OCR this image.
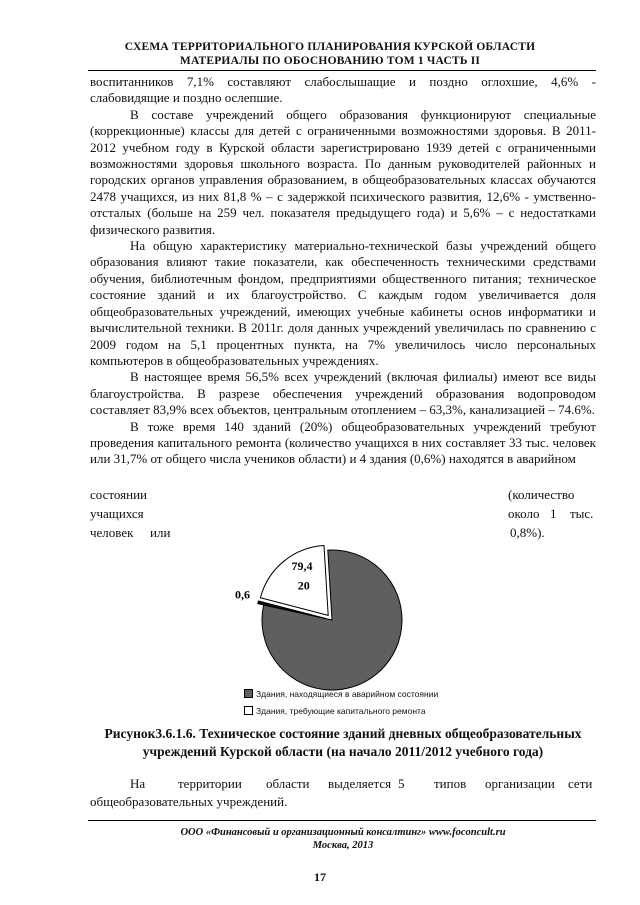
СХЕМА ТЕРРИТОРИАЛЬНОГО ПЛАНИРОВАНИЯ КУРСКОЙ ОБЛАСТИ
МАТЕРИАЛЫ ПО ОБОСНОВАНИЮ ТОМ 1 ЧАСТЬ II

воспитанников 7,1% составляют слабослышащие и поздно оглохшие, 4,6% - слабовидящие и поздно ослепшие.

В составе учреждений общего образования функционируют специальные (коррекционные) классы для детей с ограниченными возможностями здоровья. В 2011-2012 учебном году в Курской области зарегистрировано 1939 детей с ограниченными возможностями здоровья школьного возраста. По данным руководителей районных и городских органов управления образованием, в общеобразовательных классах обучаются 2478 учащихся, из них 81,8 % – с задержкой психического развития, 12,6% - умственно-отсталых (больше на 259 чел. показателя предыдущего года) и 5,6% – с недостатками физического развития.

На общую характеристику материально-технической базы учреждений общего образования влияют такие показатели, как обеспеченность техническими средствами обучения, библиотечным фондом, предприятиями общественного питания; техническое состояние зданий и их благоустройство. С каждым годом увеличивается доля общеобразовательных учреждений, имеющих учебные кабинеты основ информатики и вычислительной техники. В 2011г. доля данных учреждений увеличилась по сравнению с 2009 годом на 5,1 процентных пункта, на 7% увеличилось число персональных компьютеров в общеобразовательных учреждениях.

В настоящее время 56,5% всех учреждений (включая филиалы) имеют все виды благоустройства. В разрезе обеспечения учреждений образования водопроводом составляет 83,9% всех объектов, центральным отоплением – 63,3%, канализацией – 74.6%.

В тоже время 140 зданий (20%) общеобразовательных учреждений требуют проведения капитального ремонта (количество учащихся в них составляет 33 тыс. человек или 31,7% от общего числа учеников области) и 4 здания (0,6%) находятся в аварийном

состоянии
учащихся
человек или
(количество
около 1 тыс.
0,8%).
79,4
0,6
20
Здания, находящиеся в аварийном состоянии
Здания, требующие капитального ремонта
Рисунок3.6.1.6. Техническое состояние зданий дневных общеобразовательных
учреждений Курской области (на начало 2011/2012 учебного года)
На	территории области выделяется 5 типов организации сети
общеобразовательных учреждений.
ООО «Финансовый и организационный консалтинг» www.foconcult.ru
Москва, 2013
17
